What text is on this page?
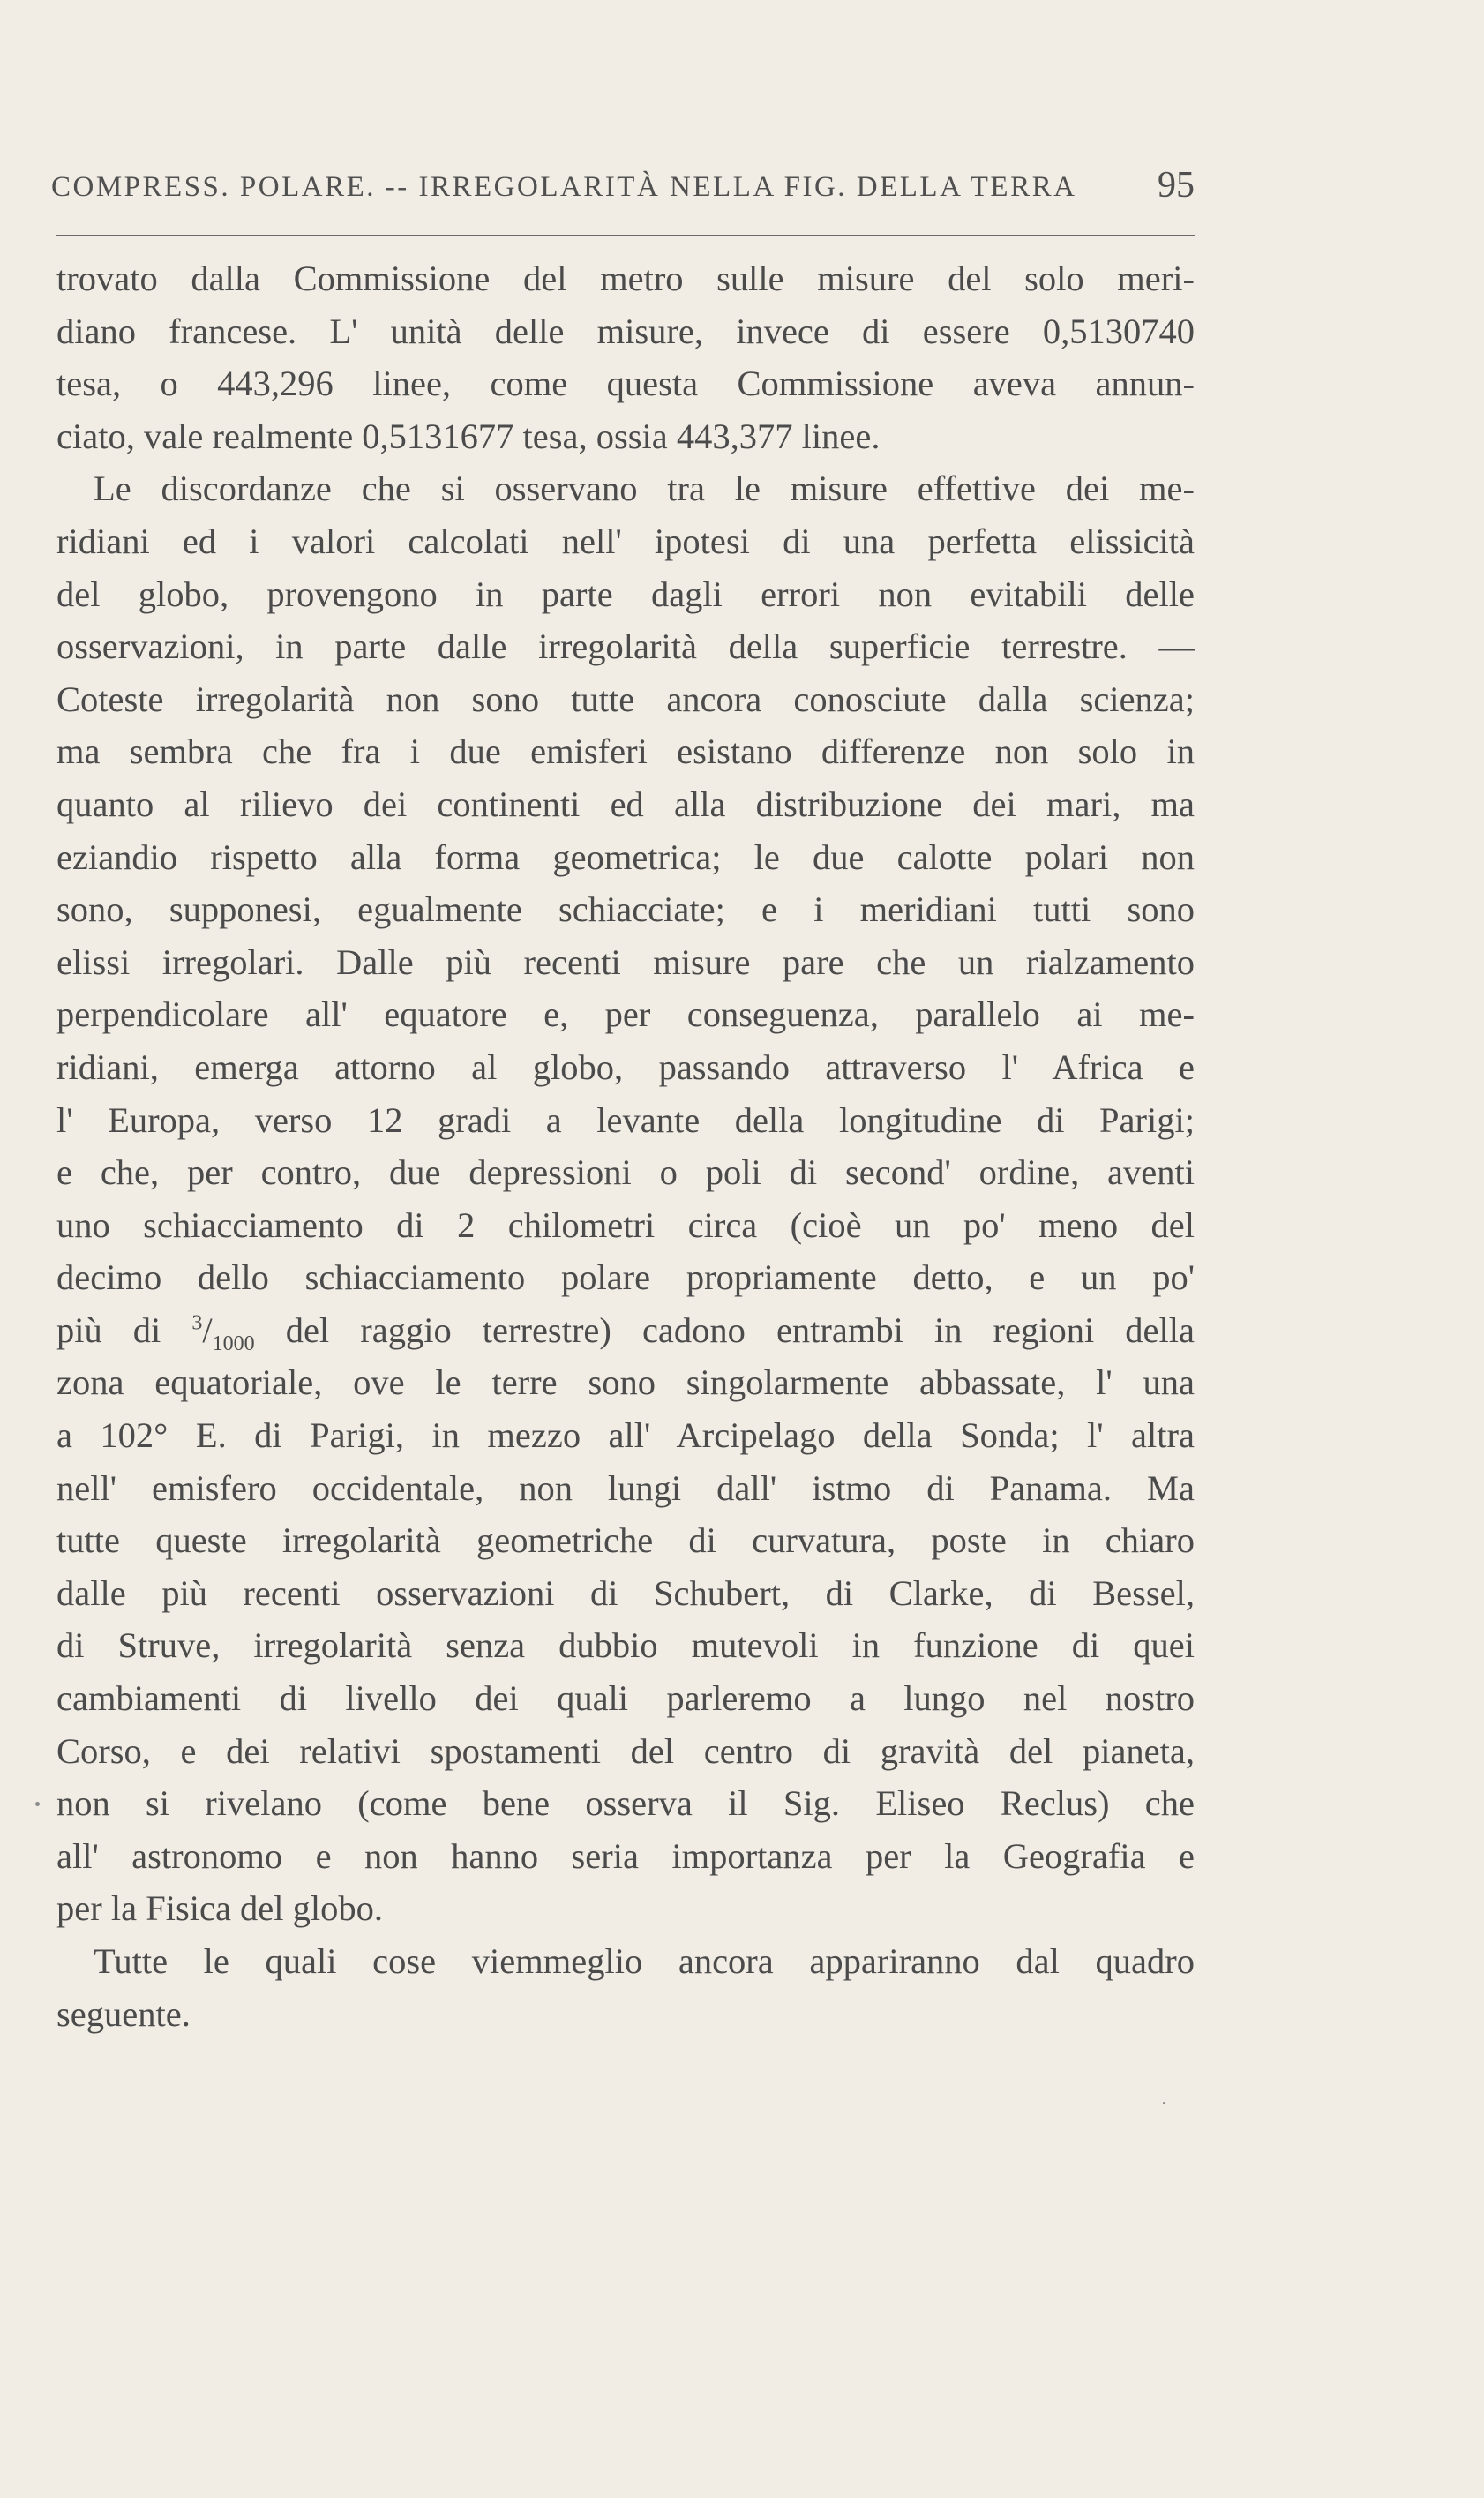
COMPRESS. POLARE. -- IRREGOLARITÀ NELLA FIG. DELLA TERRA 95
trovato dalla Commissione del metro sulle misure del solo meri-
diano francese. L' unità delle misure, invece di essere 0,5130740
tesa, o 443,296 linee, come questa Commissione aveva annun-
ciato, vale realmente 0,5131677 tesa, ossia 443,377 linee.
Le discordanze che si osservano tra le misure effettive dei me-
ridiani ed i valori calcolati nell' ipotesi di una perfetta elissicità
del globo, provengono in parte dagli errori non evitabili delle
osservazioni, in parte dalle irregolarità della superficie terrestre. —
Coteste irregolarità non sono tutte ancora conosciute dalla scienza;
ma sembra che fra i due emisferi esistano differenze non solo in
quanto al rilievo dei continenti ed alla distribuzione dei mari, ma
eziandio rispetto alla forma geometrica; le due calotte polari non
sono, supponesi, egualmente schiacciate; e i meridiani tutti sono
elissi irregolari. Dalle più recenti misure pare che un rialzamento
perpendicolare all' equatore e, per conseguenza, parallelo ai me-
ridiani, emerga attorno al globo, passando attraverso l' Africa e
l' Europa, verso 12 gradi a levante della longitudine di Parigi;
e che, per contro, due depressioni o poli di second' ordine, aventi
uno schiacciamento di 2 chilometri circa (cioè un po' meno del
decimo dello schiacciamento polare propriamente detto, e un po'
più di $^3/_{1000}$ del raggio terrestre) cadono entrambi in regioni della
zona equatoriale, ove le terre sono singolarmente abbassate, l' una
a 102° E. di Parigi, in mezzo all' Arcipelago della Sonda; l' altra
nell' emisfero occidentale, non lungi dall' istmo di Panama. Ma
tutte queste irregolarità geometriche di curvatura, poste in chiaro
dalle più recenti osservazioni di Schubert, di Clarke, di Bessel,
di Struve, irregolarità senza dubbio mutevoli in funzione di quei
cambiamenti di livello dei quali parleremo a lungo nel nostro
Corso, e dei relativi spostamenti del centro di gravità del pianeta,
non si rivelano (come bene osserva il Sig. Eliseo Reclus) che
all' astronomo e non hanno seria importanza per la Geografia e
per la Fisica del globo.
Tutte le quali cose viemmeglio ancora appariranno dal quadro
seguente.
